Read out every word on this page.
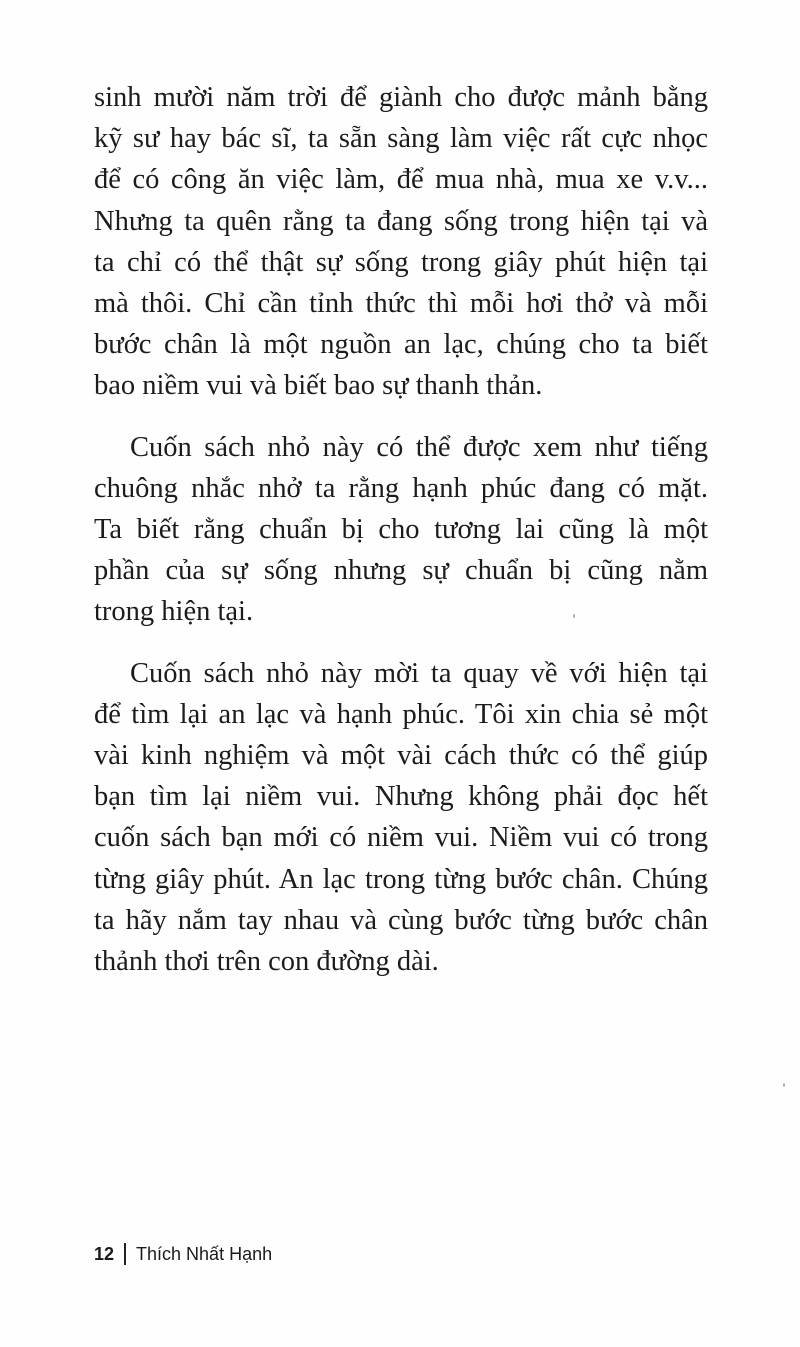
sinh mười năm trời để giành cho được mảnh bằng
kỹ sư hay bác sĩ, ta sẵn sàng làm việc rất cực nhọc
để có công ăn việc làm, để mua nhà, mua xe v.v...
Nhưng ta quên rằng ta đang sống trong hiện tại và
ta chỉ có thể thật sự sống trong giây phút hiện tại
mà thôi. Chỉ cần tỉnh thức thì mỗi hơi thở và mỗi
bước chân là một nguồn an lạc, chúng cho ta biết
bao niềm vui và biết bao sự thanh thản.
Cuốn sách nhỏ này có thể được xem như tiếng
chuông nhắc nhở ta rằng hạnh phúc đang có mặt.
Ta biết rằng chuẩn bị cho tương lai cũng là một
phần của sự sống nhưng sự chuẩn bị cũng nằm
trong hiện tại.
Cuốn sách nhỏ này mời ta quay về với hiện tại
để tìm lại an lạc và hạnh phúc. Tôi xin chia sẻ một
vài kinh nghiệm và một vài cách thức có thể giúp
bạn tìm lại niềm vui. Nhưng không phải đọc hết
cuốn sách bạn mới có niềm vui. Niềm vui có trong
từng giây phút. An lạc trong từng bước chân. Chúng
ta hãy nắm tay nhau và cùng bước từng bước chân
thảnh thơi trên con đường dài.
12 Thích Nhất Hạnh
